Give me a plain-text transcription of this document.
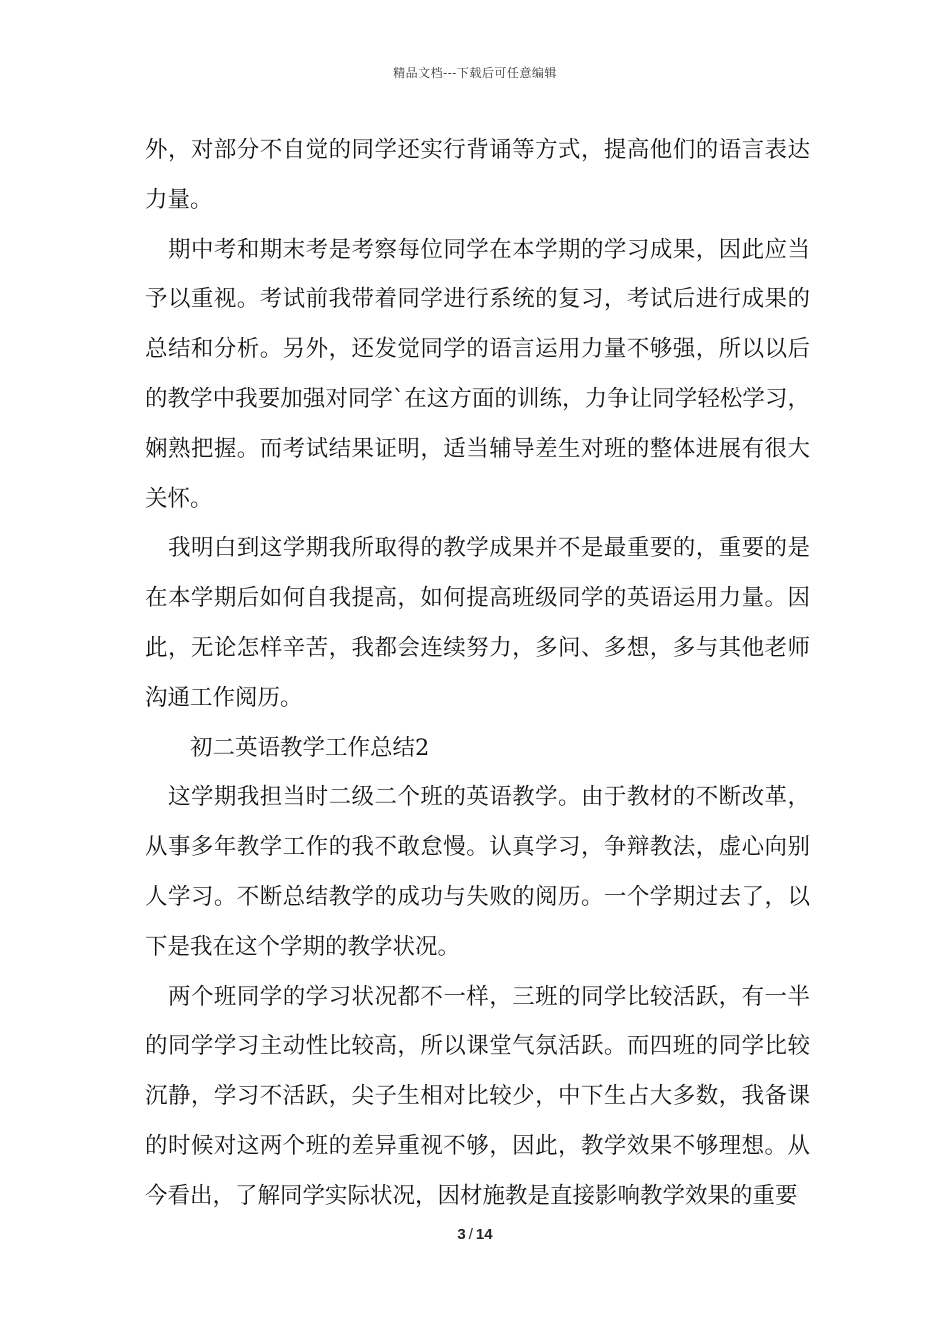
精品文档---下载后可任意编辑

外，对部分不自觉的同学还实行背诵等方式，提高他们的语言表达力量。

期中考和期末考是考察每位同学在本学期的学习成果，因此应当予以重视。考试前我带着同学进行系统的复习，考试后进行成果的总结和分析。另外，还发觉同学的语言运用力量不够强，所以以后的教学中我要加强对同学`在这方面的训练，力争让同学轻松学习，娴熟把握。而考试结果证明，适当辅导差生对班的整体进展有很大关怀。

我明白到这学期我所取得的教学成果并不是最重要的，重要的是在本学期后如何自我提高，如何提高班级同学的英语运用力量。因此，无论怎样辛苦，我都会连续努力，多问、多想，多与其他老师沟通工作阅历。

初二英语教学工作总结2

这学期我担当时二级二个班的英语教学。由于教材的不断改革，从事多年教学工作的我不敢怠慢。认真学习，争辩教法，虚心向别人学习。不断总结教学的成功与失败的阅历。一个学期过去了，以下是我在这个学期的教学状况。

两个班同学的学习状况都不一样，三班的同学比较活跃，有一半的同学学习主动性比较高，所以课堂气氛活跃。而四班的同学比较沉静，学习不活跃，尖子生相对比较少，中下生占大多数，我备课的时候对这两个班的差异重视不够，因此，教学效果不够理想。从今看出，了解同学实际状况，因材施教是直接影响教学效果的重要

3 / 14
